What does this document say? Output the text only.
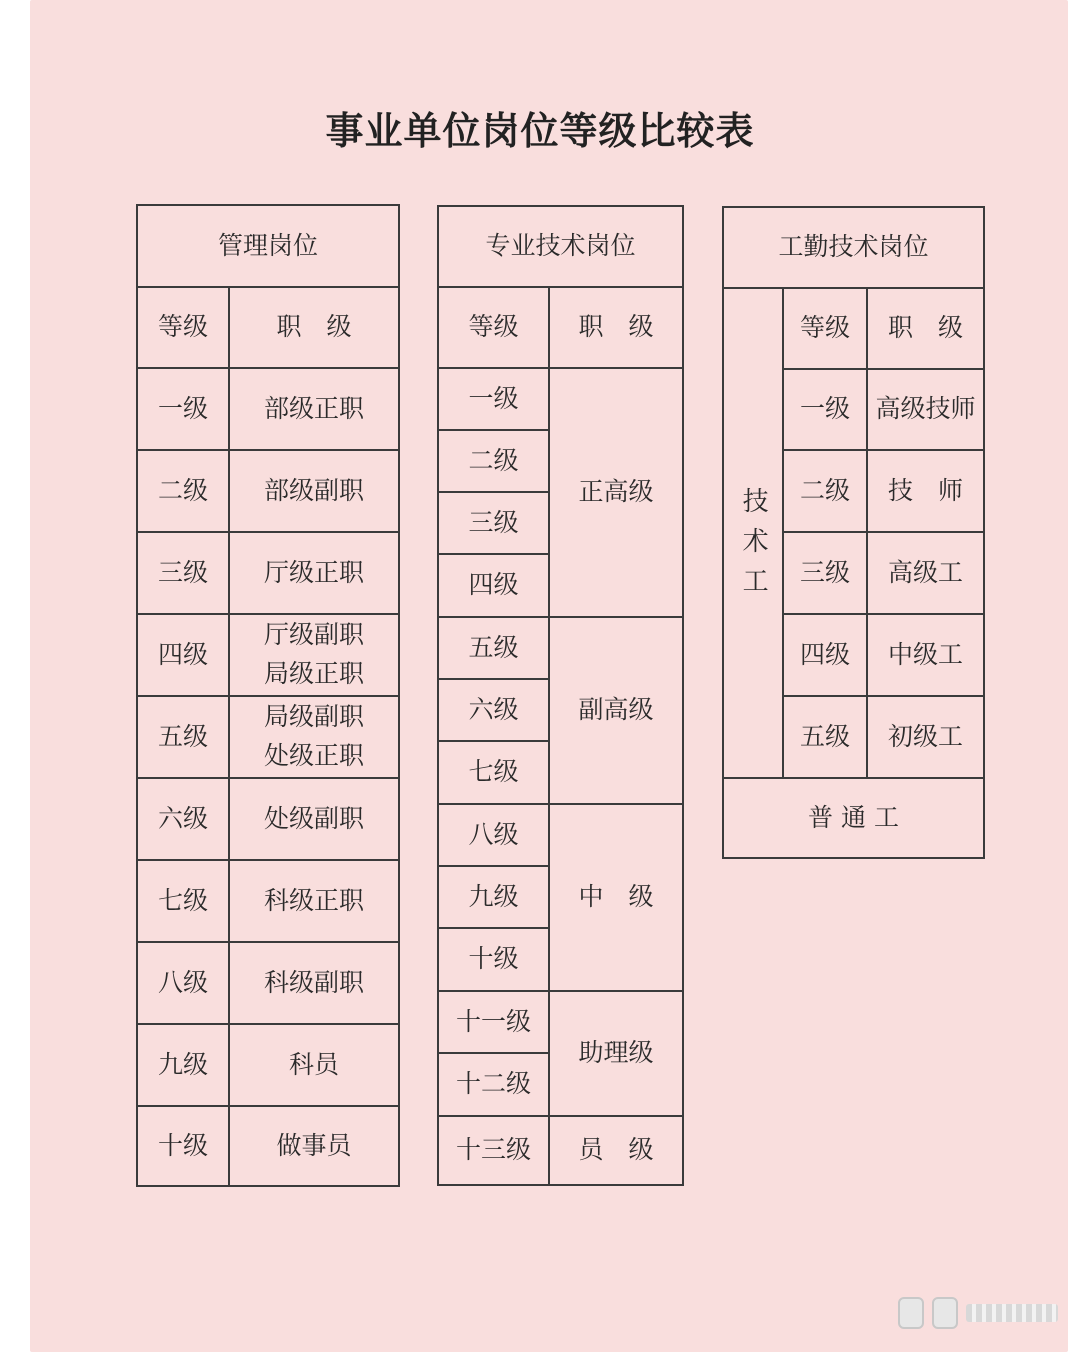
事业单位岗位等级比较表
管理岗位	
等级	职　级
一级	部级正职
二级	部级副职
三级	厅级正职
四级	厅级副职
局级正职
五级	局级副职
处级正职
六级	处级副职
七级	科级正职
八级	科级副职
九级	科员
十级	做事员
专业技术岗位	
等级	职　级
一级	正高级
二级	
三级	
四级	
五级	副高级
六级	
七级	
八级	中　级
九级	
十级	
十一级	助理级
十二级	
十三级	员　级
工勤技术岗位		

技术工	等级	职　级
	一级	高级技师
	二级	技　师
	三级	高级工
	四级	中级工
	五级	初级工
普 通 工		
